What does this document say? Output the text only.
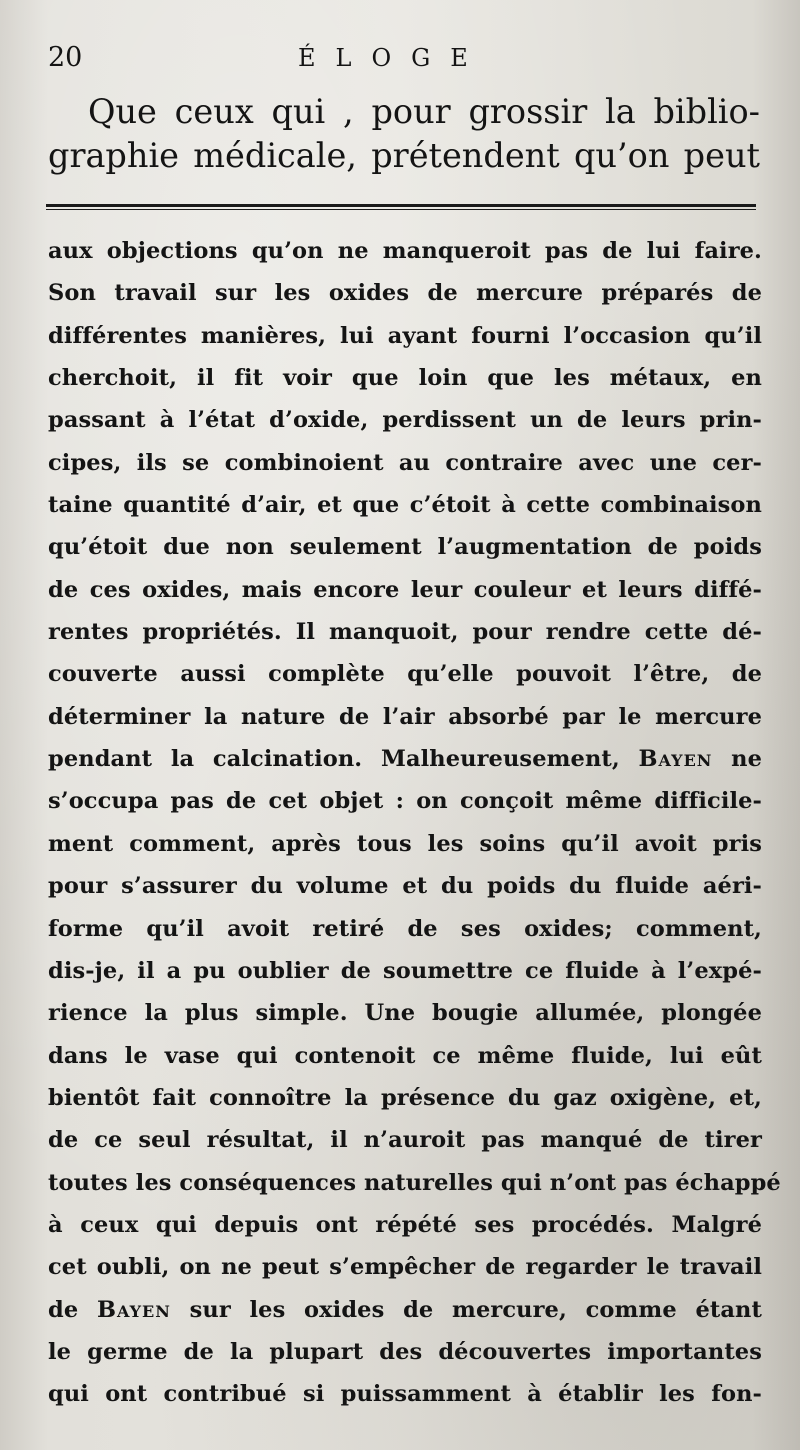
20	ÉLOGE
Que ceux qui , pour grossir la biblio-
graphie médicale, prétendent qu’on peut
aux objections qu’on ne manqueroit pas de lui faire.
Son travail sur les oxides de mercure préparés de
différentes manières, lui ayant fourni l’occasion qu’il
cherchoit, il fit voir que loin que les métaux, en
passant à l’état d’oxide, perdissent un de leurs prin-
cipes, ils se combinoient au contraire avec une cer-
taine quantité d’air, et que c’étoit à cette combinaison
qu’étoit due non seulement l’augmentation de poids
de ces oxides, mais encore leur couleur et leurs diffé-
rentes propriétés. Il manquoit, pour rendre cette dé-
couverte aussi complète qu’elle pouvoit l’être, de
déterminer la nature de l’air absorbé par le mercure
pendant la calcination. Malheureusement, Bayen ne
s’occupa pas de cet objet : on conçoit même difficile-
ment comment, après tous les soins qu’il avoit pris
pour s’assurer du volume et du poids du fluide aéri-
forme qu’il avoit retiré de ses oxides; comment,
dis-je, il a pu oublier de soumettre ce fluide à l’expé-
rience la plus simple. Une bougie allumée, plongée
dans le vase qui contenoit ce même fluide, lui eût
bientôt fait connoître la présence du gaz oxigène, et,
de ce seul résultat, il n’auroit pas manqué de tirer
toutes les conséquences naturelles qui n’ont pas échappé
à ceux qui depuis ont répété ses procédés. Malgré
cet oubli, on ne peut s’empêcher de regarder le travail
de Bayen sur les oxides de mercure, comme étant
le germe de la plupart des découvertes importantes
qui ont contribué si puissamment à établir les fon-
